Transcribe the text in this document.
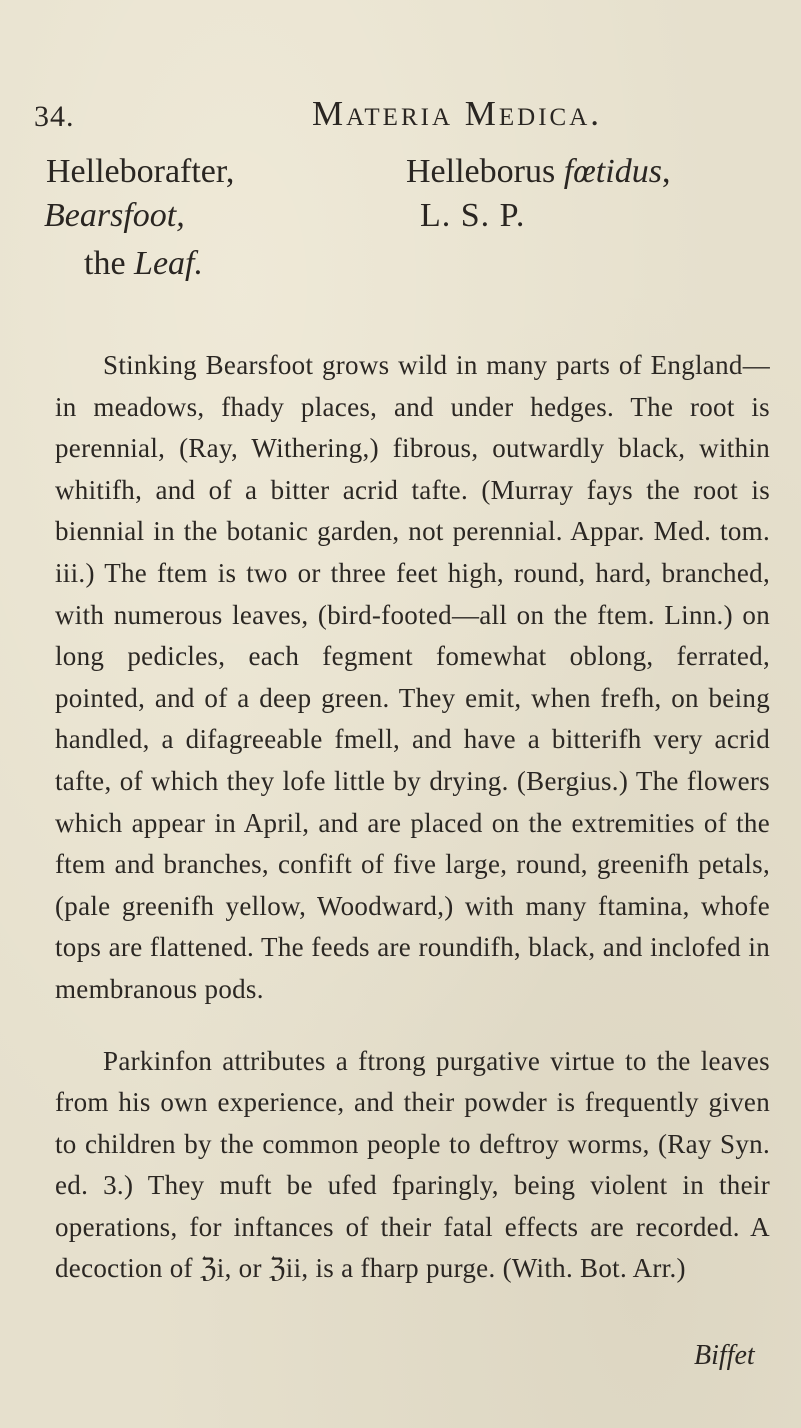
34.	Materia Medica.
Helleborafter,	Helleborus fœtidus,
Bearsfoot,	L. S. P.
the Leaf.

Stinking Bearsfoot grows wild in many parts of England—in meadows, fhady places, and under hedges. The root is perennial, (Ray, Withering,) fibrous, outwardly black, within whitifh, and of a bitter acrid tafte. (Murray fays the root is biennial in the botanic garden, not perennial. Appar. Med. tom. iii.) The ftem is two or three feet high, round, hard, branched, with numerous leaves, (bird-footed—all on the ftem. Linn.) on long pedicles, each fegment fomewhat oblong, ferrated, pointed, and of a deep green. They emit, when frefh, on being handled, a difagreeable fmell, and have a bitterifh very acrid tafte, of which they lofe little by drying. (Bergius.) The flowers which appear in April, and are placed on the extremities of the ftem and branches, confift of five large, round, greenifh petals, (pale greenifh yellow, Woodward,) with many ftamina, whofe tops are flattened. The feeds are roundifh, black, and inclofed in membranous pods.

Parkinfon attributes a ftrong purgative virtue to the leaves from his own experience, and their powder is frequently given to children by the common people to deftroy worms, (Ray Syn. ed. 3.) They muft be ufed fparingly, being violent in their operations, for inftances of their fatal effects are recorded. A decoction of ℨi, or ℨii, is a fharp purge. (With. Bot. Arr.)

Biffet
